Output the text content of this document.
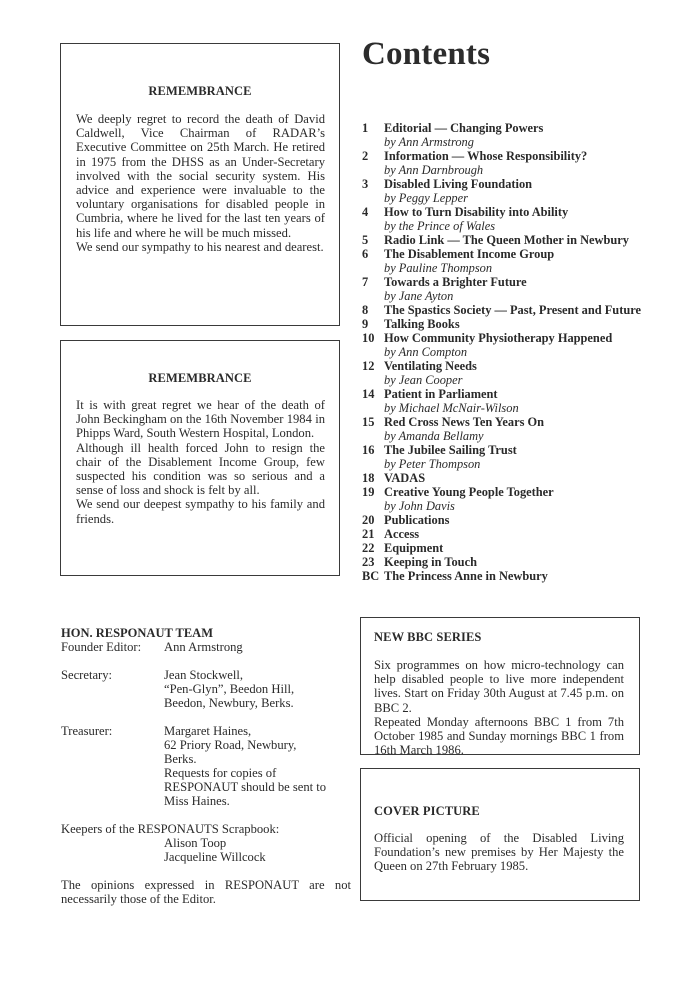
REMEMBRANCE

We deeply regret to record the death of David Caldwell, Vice Chairman of RADAR’s Executive Committee on 25th March. He retired in 1975 from the DHSS as an Under-Secretary involved with the social security system. His advice and experience were invaluable to the voluntary organisations for disabled people in Cumbria, where he lived for the last ten years of his life and where he will be much missed.

We send our sympathy to his nearest and dearest.

REMEMBRANCE

It is with great regret we hear of the death of John Beckingham on the 16th November 1984 in Phipps Ward, South Western Hospital, London.

Although ill health forced John to resign the chair of the Disablement Income Group, few suspected his condition was so serious and a sense of loss and shock is felt by all.

We send our deepest sympathy to his family and friends.

Contents
1	Editorial — Changing Powers
by Ann Armstrong
2	Information — Whose Responsibility?
by Ann Darnbrough
3	Disabled Living Foundation
by Peggy Lepper
4	How to Turn Disability into Ability
by the Prince of Wales
5	Radio Link — The Queen Mother in Newbury
6	The Disablement Income Group
by Pauline Thompson
7	Towards a Brighter Future
by Jane Ayton
8	The Spastics Society — Past, Present and Future
9	Talking Books
10 How Community Physiotherapy Happened
by Ann Compton
12 Ventilating Needs
by Jean Cooper
14 Patient in Parliament
by Michael McNair-Wilson
15 Red Cross News Ten Years On
by Amanda Bellamy
16 The Jubilee Sailing Trust
by Peter Thompson
18 VADAS
19 Creative Young People Together
by John Davis
20 Publications
21 Access
22 Equipment
23 Keeping in Touch
BC The Princess Anne in Newbury
HON. RESPONAUT TEAM
Founder Editor:	Ann Armstrong
Secretary:	Jean Stockwell,
“Pen-Glyn”, Beedon Hill,
Beedon, Newbury, Berks.
Treasurer:	Margaret Haines,
62 Priory Road, Newbury,
Berks.
Requests for copies of
RESPONAUT should be sent to
Miss Haines.
Keepers of the RESPONAUTS Scrapbook:
Alison Toop
Jacqueline Willcock
The opinions expressed in RESPONAUT are not necessarily those of the Editor.
NEW BBC SERIES

Six programmes on how micro-technology can help disabled people to live more independent lives. Start on Friday 30th August at 7.45 p.m. on BBC 2.

Repeated Monday afternoons BBC 1 from 7th October 1985 and Sunday mornings BBC 1 from 16th March 1986.

COVER PICTURE

Official opening of the Disabled Living Foundation’s new premises by Her Majesty the Queen on 27th February 1985.
